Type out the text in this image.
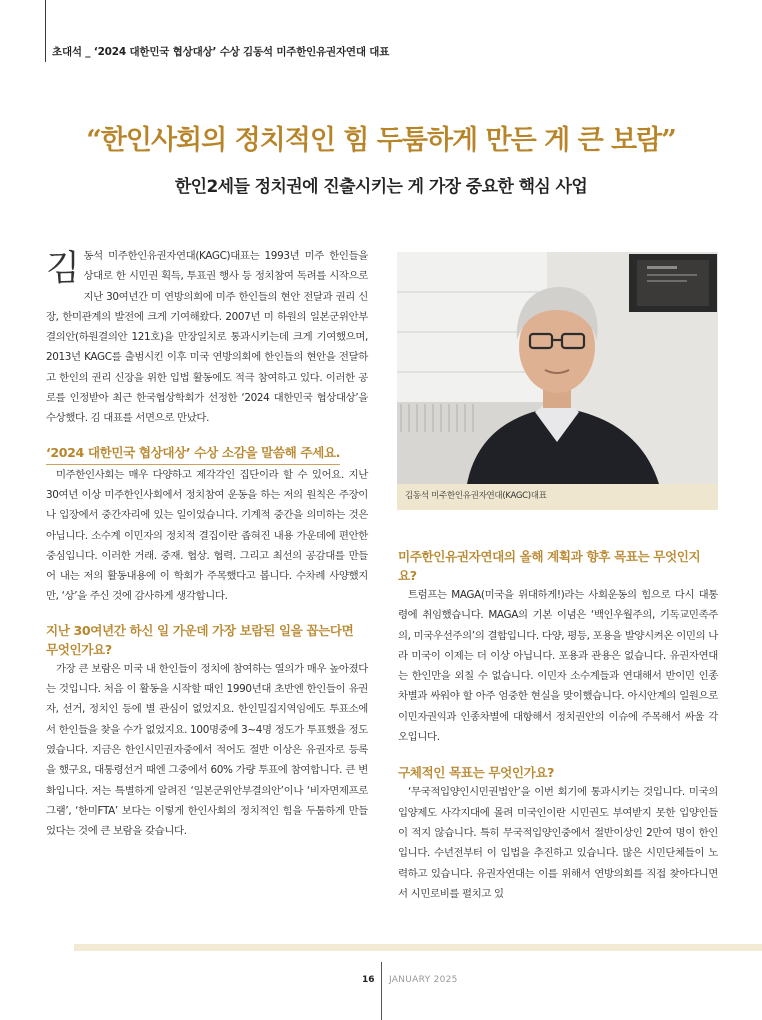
초대석 _ ‘2024 대한민국 협상대상’ 수상 김동석 미주한인유권자연대 대표
“한인사회의 정치적인 힘 두툼하게 만든 게 큰 보람”
한인2세들 정치권에 진출시키는 게 가장 중요한 핵심 사업

김동석 미주한인유권자연대(KAGC)대표는 1993년 미주 한인들을 상대로 한 시민권 획득, 투표권 행사 등 정치참여 독려를 시작으로 지난 30여년간 미 연방의회에 미주 한인들의 현안 전달과 권리 신장, 한미관계의 발전에 크게 기여해왔다. 2007년 미 하원의 일본군위안부결의안(하원결의안 121호)을 만장일치로 통과시키는데 크게 기여했으며, 2013년 KAGC를 출범시킨 이후 미국 연방의회에 한인들의 현안을 전달하고 한인의 권리 신장을 위한 입법 활동에도 적극 참여하고 있다. 이러한 공로를 인정받아 최근 한국협상학회가 선정한 ‘2024 대한민국 협상대상’을 수상했다. 김 대표를 서면으로 만났다.

‘2024 대한민국 협상대상’ 수상 소감을 말씀해 주세요.

미주한인사회는 매우 다양하고 제각각인 집단이라 할 수 있어요. 지난 30여년 이상 미주한인사회에서 정치참여 운동을 하는 저의 원칙은 주장이나 입장에서 중간자리에 있는 일이었습니다. 기계적 중간을 의미하는 것은 아닙니다. 소수계 이민자의 정치적 결집이란 좁혀진 내용 가운데에 편안한 중심입니다. 이러한 거래. 중재. 협상. 협력. 그리고 최선의 공감대를 만들어 내는 저의 활동내용에 이 학회가 주목했다고 봅니다. 수차례 사양했지만, ‘상’을 주신 것에 감사하게 생각합니다.

지난 30여년간 하신 일 가운데 가장 보람된 일을 꼽는다면 무엇인가요?

가장 큰 보람은 미국 내 한인들이 정치에 참여하는 열의가 매우 높아졌다는 것입니다. 처음 이 활동을 시작할 때인 1990년대 초반엔 한인들이 유권자, 선거, 정치인 등에 별 관심이 없었지요. 한인밀집지역임에도 투표소에서 한인들을 찾을 수가 없었지요. 100명중에 3~4명 정도가 투표했을 정도였습니다. 지금은 한인시민권자중에서 적어도 절반 이상은 유권자로 등록을 했구요, 대통령선거 때엔 그중에서 60% 가량 투표에 참여합니다. 큰 변화입니다. 저는 특별하게 알려진 ‘일본군위안부결의안’이나 ‘비자면제프로그램’, ‘한미FTA’ 보다는 이렇게 한인사회의 정치적인 힘을 두툼하게 만들었다는 것에 큰 보람을 갖습니다.

김동석 미주한인유권자연대(KAGC)대표
미주한인유권자연대의 올해 계획과 향후 목표는 무엇인지요?

트럼프는 MAGA(미국을 위대하게!)라는 사회운동의 힘으로 다시 대통령에 취임했습니다. MAGA의 기본 이념은 ‘백인우월주의, 기독교민족주의, 미국우선주의’의 결합입니다. 다양, 평등, 포용을 발양시켜온 이민의 나라 미국이 이제는 더 이상 아닙니다. 포용과 관용은 없습니다. 유권자연대는 한인만을 외칠 수 없습니다. 이민자 소수계들과 연대해서 반이민 인종차별과 싸워야 할 아주 엄중한 현실을 맞이했습니다. 아시안계의 일원으로 이민자권익과 인종차별에 대항해서 정치권안의 이슈에 주목해서 싸울 각오입니다.

구체적인 목표는 무엇인가요?

‘무국적입양인시민권법안’을 이번 회기에 통과시키는 것입니다. 미국의 입양제도 사각지대에 몰려 미국인이란 시민권도 부여받지 못한 입양인들이 적지 않습니다. 특히 무국적입양인중에서 절반이상인 2만여 명이 한인입니다. 수년전부터 이 입법을 추진하고 있습니다. 많은 시민단체들이 노력하고 있습니다. 유권자연대는 이를 위해서 연방의회를 직접 찾아다니면서 시민로비를 펼치고 있

16 JANUARY 2025
